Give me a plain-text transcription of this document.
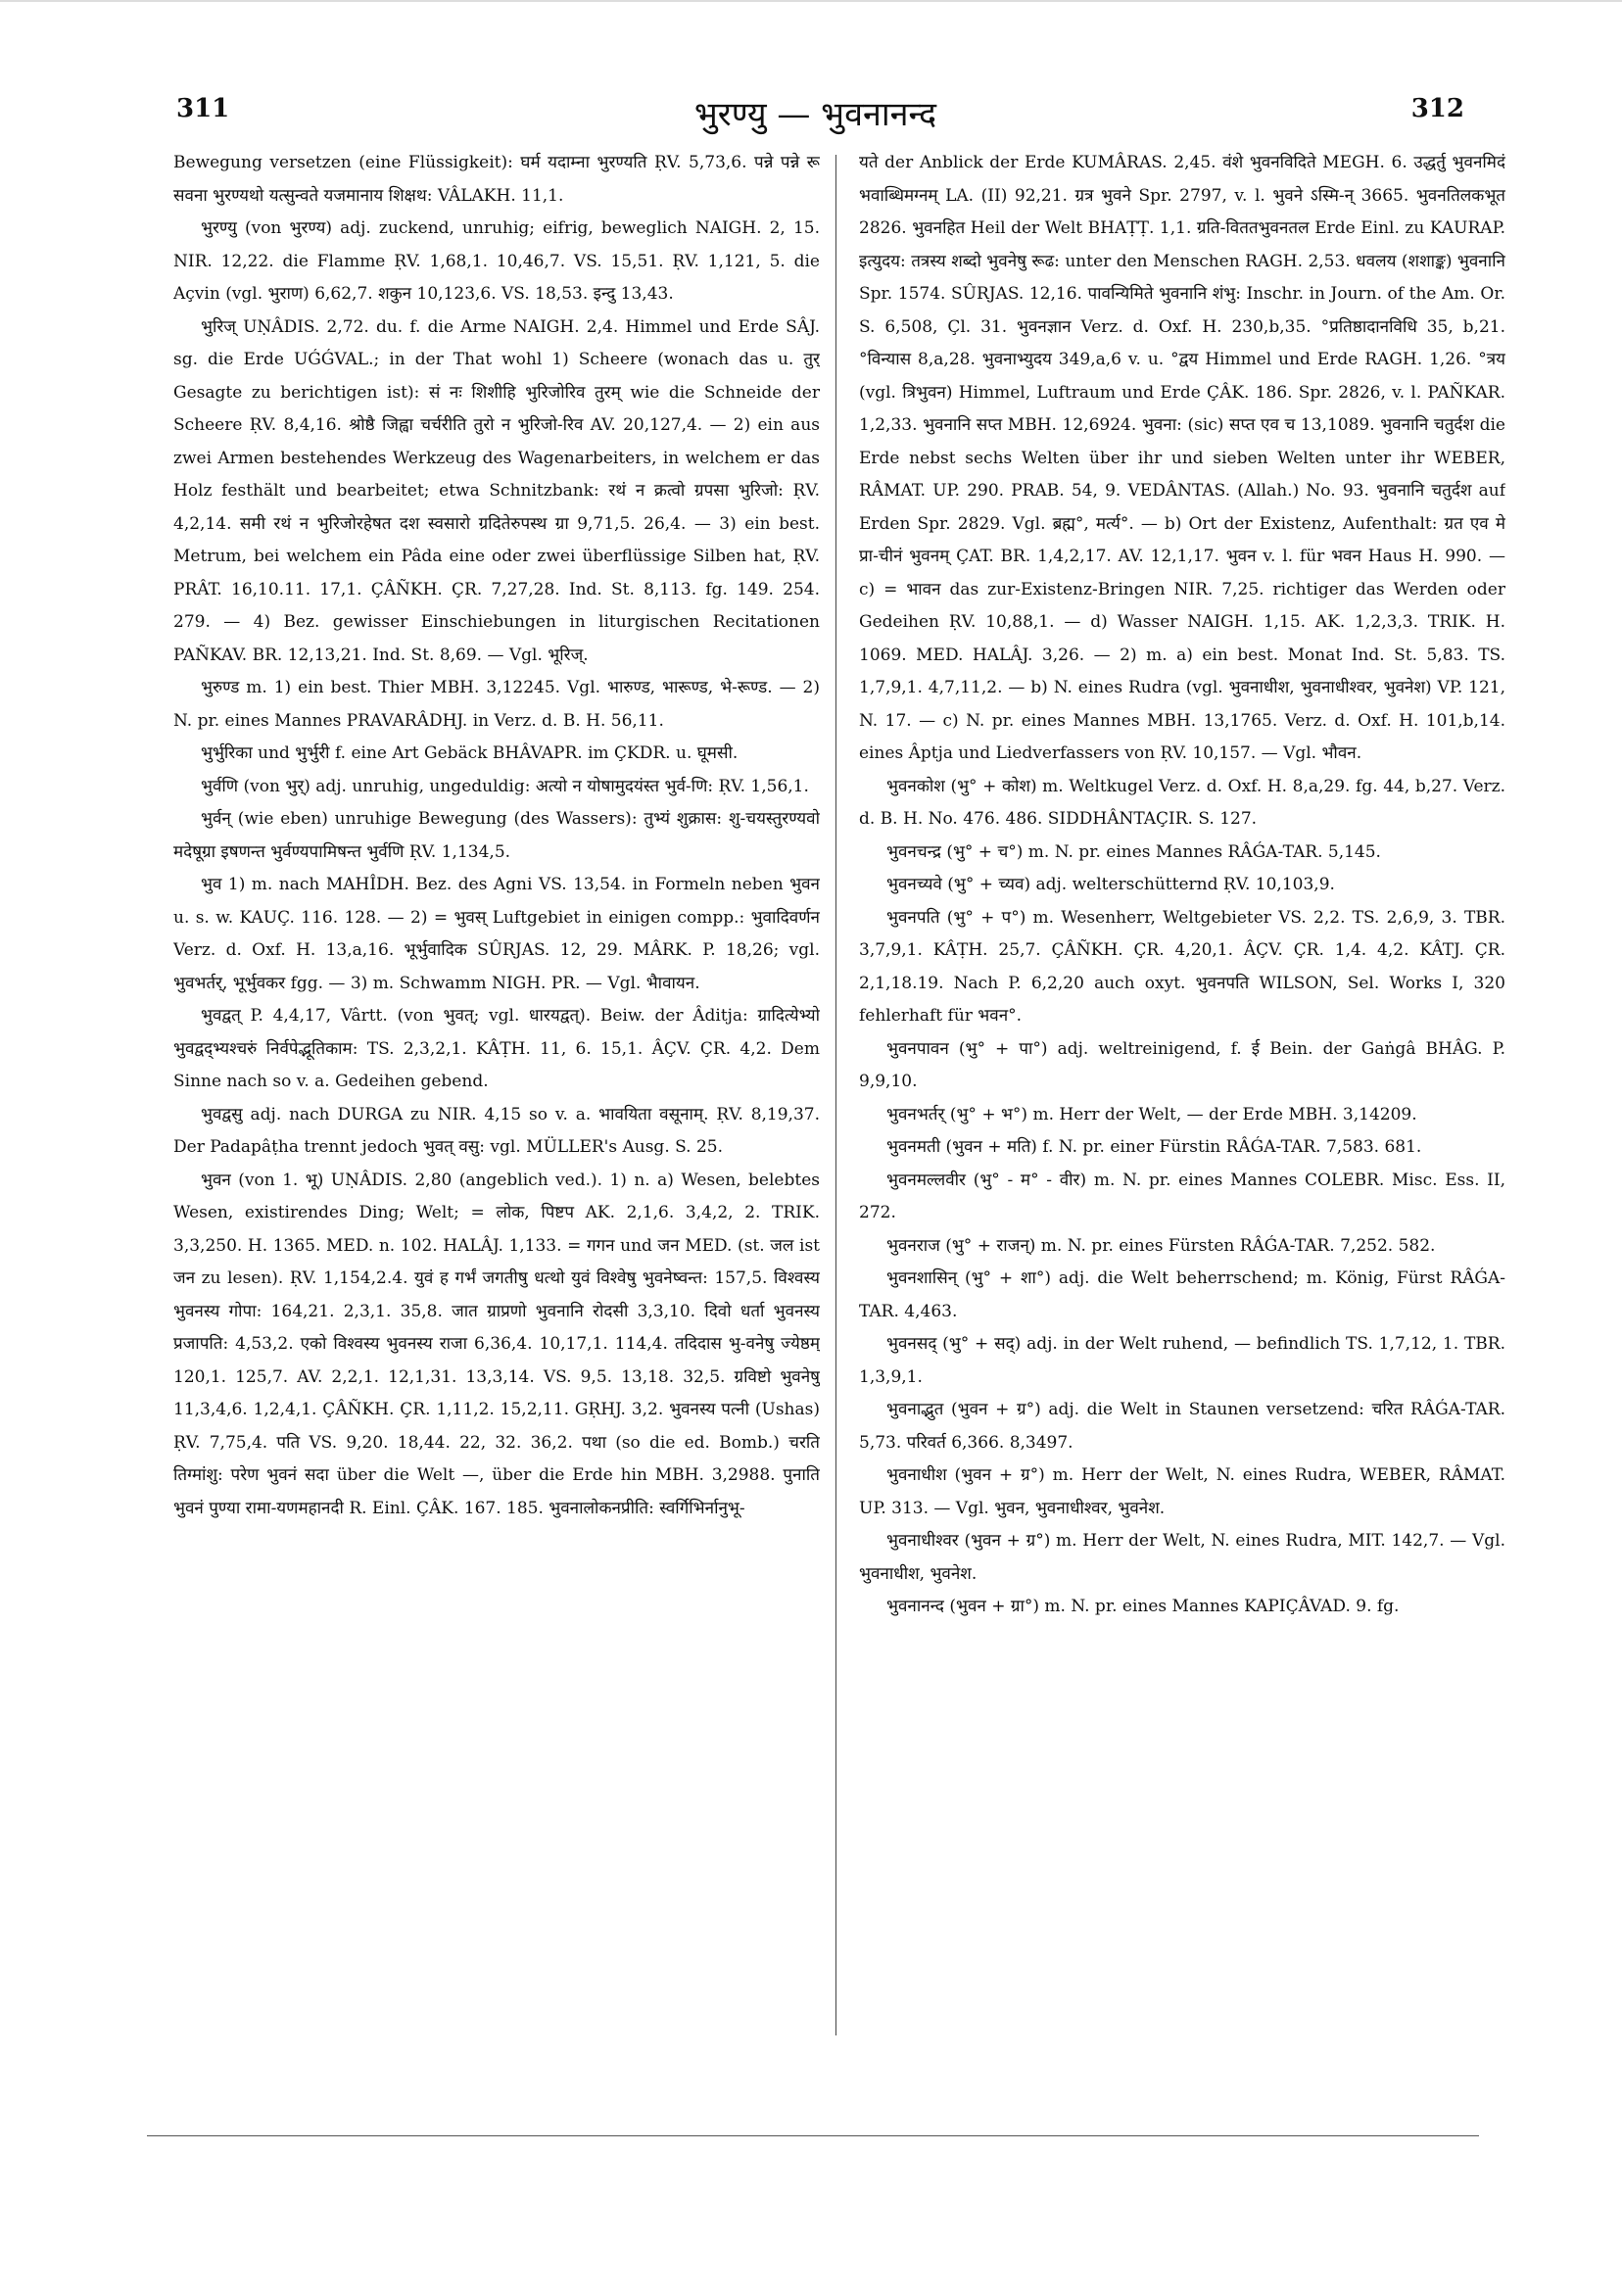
311	भुरण्यु — भुवनानन्द	312

Bewegung versetzen (eine Flüssigkeit): घर्म यदाम्ना भुरण्यति ṚV. 5,73,6. पन्ने पन्ने रू सवना भुरण्यथो यत्सुन्वते यजमानाय शिक्षथ: VÂLAKH. 11,1.

भुरण्यु (von भुरण्य) adj. zuckend, unruhig; eifrig, beweglich NAIGH. 2, 15. NIR. 12,22. die Flamme ṚV. 1,68,1. 10,46,7. VS. 15,51. ṚV. 1,121, 5. die Açvin (vgl. भुराण) 6,62,7. शकुन 10,123,6. VS. 18,53. इन्दु 13,43.

भुरिज् UṆÂDIS. 2,72. du. f. die Arme NAIGH. 2,4. Himmel und Erde SÂJ. sg. die Erde UǴǴVAL.; in der That wohl 1) Scheere (wonach das u. तुर् Gesagte zu berichtigen ist): सं नः शिशीहि भुरिजोरिव तुरम् wie die Schneide der Scheere ṚV. 8,4,16. श्रोष्ठै जिह्वा चर्चरीति तुरो न भुरिजो-रिव AV. 20,127,4. — 2) ein aus zwei Armen bestehendes Werkzeug des Wagenarbeiters, in welchem er das Holz festhält und bearbeitet; etwa Schnitzbank: रथं न क्रत्वो ग्रपसा भुरिजो: ṚV. 4,2,14. समी रथं न भुरिजोरहेषत दश स्वसारो ग्रदितेरुपस्थ ग्रा 9,71,5. 26,4. — 3) ein best. Metrum, bei welchem ein Pâda eine oder zwei überflüssige Silben hat, ṚV. PRÂT. 16,10.11. 17,1. ÇÂÑKH. ÇR. 7,27,28. Ind. St. 8,113. fg. 149. 254. 279. — 4) Bez. gewisser Einschiebungen in liturgischen Recitationen PAÑKAV. BR. 12,13,21. Ind. St. 8,69. — Vgl. भूरिज्.

भुरुण्ड m. 1) ein best. Thier MBH. 3,12245. Vgl. भारुण्ड, भारूण्ड, भे-रूण्ड. — 2) N. pr. eines Mannes PRAVARÂDHJ. in Verz. d. B. H. 56,11.

भुर्भुरिका und भुर्भुरी f. eine Art Gebäck BHÂVAPR. im ÇKDR. u. घूमसी.

भुर्वणि (von भुर्) adj. unruhig, ungeduldig: अत्यो न योषामुदयंस्त भुर्व-णि: ṚV. 1,56,1.

भुर्वन् (wie eben) unruhige Bewegung (des Wassers): तुभ्यं शुक्रास: शु-चयस्तुरण्यवो मदेषूग्रा इषणन्त भुर्वण्यपामिषन्त भुर्वणि ṚV. 1,134,5.

भुव 1) m. nach MAHÎDH. Bez. des Agni VS. 13,54. in Formeln neben भुवन u. s. w. KAUÇ. 116. 128. — 2) = भुवस् Luftgebiet in einigen compp.: भुवादिवर्णन Verz. d. Oxf. H. 13,a,16. भूर्भुवादिक SÛRJAS. 12, 29. MÂRK. P. 18,26; vgl. भुवभर्तर्, भूर्भुवकर fgg. — 3) m. Schwamm NIGH. PR. — Vgl. भैावायन.

भुवद्वत् P. 4,4,17, Vârtt. (von भुवत्; vgl. धारयद्वत्). Beiw. der Âditja: ग्रादित्येभ्यो भुवद्वद्भ्यश्चरुं निर्वपेद्भूतिकाम: TS. 2,3,2,1. KÂṬH. 11, 6. 15,1. ÂÇV. ÇR. 4,2. Dem Sinne nach so v. a. Gedeihen gebend.

भुवद्वसु adj. nach DURGA zu NIR. 4,15 so v. a. भावयिता वसूनाम्. ṚV. 8,19,37. Der Padapâṭha trennt jedoch भुवत् वसु: vgl. MÜLLER's Ausg. S. 25.

भुवन (von 1. भू) UṆÂDIS. 2,80 (angeblich ved.). 1) n. a) Wesen, belebtes Wesen, existirendes Ding; Welt; = लोक, पिष्टप AK. 2,1,6. 3,4,2, 2. TRIK. 3,3,250. H. 1365. MED. n. 102. HALÂJ. 1,133. = गगन und जन MED. (st. जल ist जन zu lesen). ṚV. 1,154,2.4. युवं ह गर्भं जगतीषु धत्थो युवं विश्वेषु भुवनेष्वन्त: 157,5. विश्वस्य भुवनस्य गोपा: 164,21. 2,3,1. 35,8. जात ग्राप्रणो भुवनानि रोदसी 3,3,10. दिवो धर्ता भुवनस्य प्रजापति: 4,53,2. एको विश्वस्य भुवनस्य राजा 6,36,4. 10,17,1. 114,4. तदिदास भु-वनेषु ज्येष्ठम् 120,1. 125,7. AV. 2,2,1. 12,1,31. 13,3,14. VS. 9,5. 13,18. 32,5. ग्रविष्टो भुवनेषु 11,3,4,6. 1,2,4,1. ÇÂÑKH. ÇR. 1,11,2. 15,2,11. GṚHJ. 3,2. भुवनस्य पत्नी (Ushas) ṚV. 7,75,4. पति VS. 9,20. 18,44. 22, 32. 36,2. पथा (so die ed. Bomb.) चरति तिग्मांशु: परेण भुवनं सदा über die Welt —, über die Erde hin MBH. 3,2988. पुनाति भुवनं पुण्या रामा-यणमहानदी R. Einl. ÇÂK. 167. 185. भुवनालोकनप्रीति: स्वर्गिभिर्नानुभू-

यते der Anblick der Erde KUMÂRAS. 2,45. वंशे भुवनविदिते MEGH. 6. उद्धर्तु भुवनमिदं भवाब्धिमग्नम् LA. (II) 92,21. ग्रत्र भुवने Spr. 2797, v. l. भुवने ऽस्मि-न् 3665. भुवनतिलकभूत 2826. भुवनहित Heil der Welt BHAṬṬ. 1,1. ग्रति-विततभुवनतल Erde Einl. zu KAURAP. इत्युदय: तत्रस्य शब्दो भुवनेषु रूढ: unter den Menschen RAGH. 2,53. धवलय (शशाङ्क) भुवनानि Spr. 1574. SÛRJAS. 12,16. पावन्यिमिते भुवनानि शंभु: Inschr. in Journ. of the Am. Or. S. 6,508, Çl. 31. भुवनज्ञान Verz. d. Oxf. H. 230,b,35. °प्रतिष्ठादानविधि 35, b,21. °विन्यास 8,a,28. भुवनाभ्युदय 349,a,6 v. u. °द्वय Himmel und Erde RAGH. 1,26. °त्रय (vgl. त्रिभुवन) Himmel, Luftraum und Erde ÇÂK. 186. Spr. 2826, v. l. PAÑKAR. 1,2,33. भुवनानि सप्त MBH. 12,6924. भुवना: (sic) सप्त एव च 13,1089. भुवनानि चतुर्दश die Erde nebst sechs Welten über ihr und sieben Welten unter ihr WEBER, RÂMAT. UP. 290. PRAB. 54, 9. VEDÂNTAS. (Allah.) No. 93. भुवनानि चतुर्दश auf Erden Spr. 2829. Vgl. ब्रह्म°, मर्त्य°. — b) Ort der Existenz, Aufenthalt: ग्रत एव मे प्रा-चीनं भुवनम् ÇAT. BR. 1,4,2,17. AV. 12,1,17. भुवन v. l. für भवन Haus H. 990. — c) = भावन das zur-Existenz-Bringen NIR. 7,25. richtiger das Werden oder Gedeihen ṚV. 10,88,1. — d) Wasser NAIGH. 1,15. AK. 1,2,3,3. TRIK. H. 1069. MED. HALÂJ. 3,26. — 2) m. a) ein best. Monat Ind. St. 5,83. TS. 1,7,9,1. 4,7,11,2. — b) N. eines Rudra (vgl. भुवनाधीश, भुवनाधीश्वर, भुवनेश) VP. 121, N. 17. — c) N. pr. eines Mannes MBH. 13,1765. Verz. d. Oxf. H. 101,b,14. eines Âptja und Liedverfassers von ṚV. 10,157. — Vgl. भौवन.

भुवनकोश (भु° + कोश) m. Weltkugel Verz. d. Oxf. H. 8,a,29. fg. 44, b,27. Verz. d. B. H. No. 476. 486. SIDDHÂNTAÇIR. S. 127.

भुवनचन्द्र (भु° + च°) m. N. pr. eines Mannes RÂǴA-TAR. 5,145.

भुवनच्यवे (भु° + च्यव) adj. welterschütternd ṚV. 10,103,9.

भुवनपति (भु° + प°) m. Wesenherr, Weltgebieter VS. 2,2. TS. 2,6,9, 3. TBR. 3,7,9,1. KÂṬH. 25,7. ÇÂÑKH. ÇR. 4,20,1. ÂÇV. ÇR. 1,4. 4,2. KÂTJ. ÇR. 2,1,18.19. Nach P. 6,2,20 auch oxyt. भुवनपति WILSON, Sel. Works I, 320 fehlerhaft für भवन°.

भुवनपावन (भु° + पा°) adj. weltreinigend, f. ई Bein. der Gaṅgâ BHÂG. P. 9,9,10.

भुवनभर्तर् (भु° + भ°) m. Herr der Welt, — der Erde MBH. 3,14209.

भुवनमती (भुवन + मति) f. N. pr. einer Fürstin RÂǴA-TAR. 7,583. 681.

भुवनमल्लवीर (भु° - म° - वीर) m. N. pr. eines Mannes COLEBR. Misc. Ess. II, 272.

भुवनराज (भु° + राजन्) m. N. pr. eines Fürsten RÂǴA-TAR. 7,252. 582.

भुवनशासिन् (भु° + शा°) adj. die Welt beherrschend; m. König, Fürst RÂǴA-TAR. 4,463.

भुवनसद् (भु° + सद्) adj. in der Welt ruhend, — befindlich TS. 1,7,12, 1. TBR. 1,3,9,1.

भुवनाद्भुत (भुवन + ग्र°) adj. die Welt in Staunen versetzend: चरित RÂǴA-TAR. 5,73. परिवर्त 6,366. 8,3497.

भुवनाधीश (भुवन + ग्र°) m. Herr der Welt, N. eines Rudra, WEBER, RÂMAT. UP. 313. — Vgl. भुवन, भुवनाधीश्वर, भुवनेश.

भुवनाधीश्वर (भुवन + ग्र°) m. Herr der Welt, N. eines Rudra, MIT. 142,7. — Vgl. भुवनाधीश, भुवनेश.

भुवनानन्द (भुवन + ग्रा°) m. N. pr. eines Mannes KAPIÇÂVAD. 9. fg.
